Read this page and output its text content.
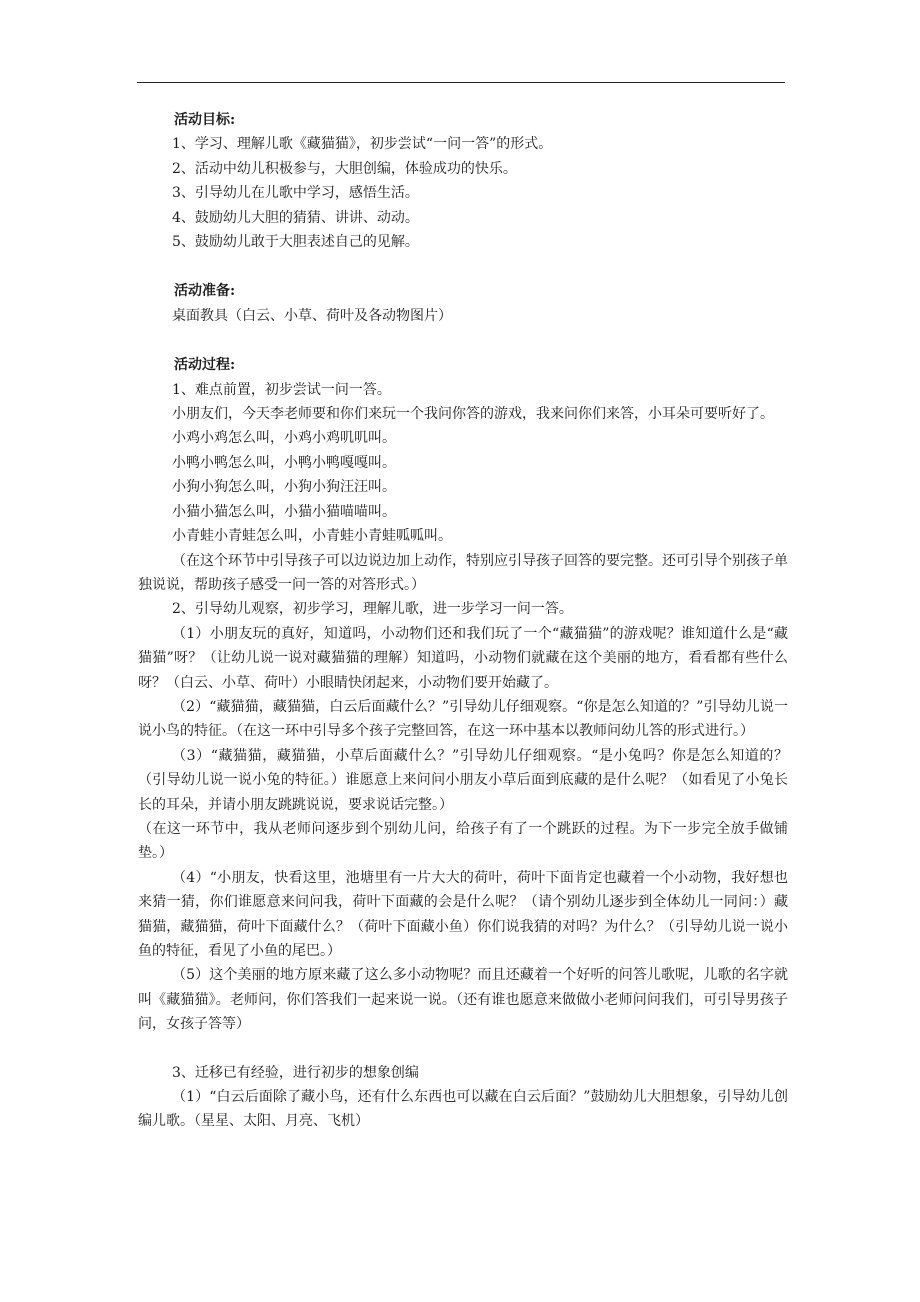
活动目标:

1、学习、理解儿歌《藏猫猫》，初步尝试“一问一答”的形式。

2、活动中幼儿积极参与，大胆创编，体验成功的快乐。

3、引导幼儿在儿歌中学习，感悟生活。

4、鼓励幼儿大胆的猜猜、讲讲、动动。

5、鼓励幼儿敢于大胆表述自己的见解。

活动准备:

桌面教具（白云、小草、荷叶及各动物图片）

活动过程:

1、难点前置，初步尝试一问一答。

小朋友们，今天李老师要和你们来玩一个我问你答的游戏，我来问你们来答，小耳朵可要听好了。

小鸡小鸡怎么叫，小鸡小鸡叽叽叫。

小鸭小鸭怎么叫，小鸭小鸭嘎嘎叫。

小狗小狗怎么叫，小狗小狗汪汪叫。

小猫小猫怎么叫，小猫小猫喵喵叫。

小青蛙小青蛙怎么叫，小青蛙小青蛙呱呱叫。

（在这个环节中引导孩子可以边说边加上动作，特别应引导孩子回答的要完整。还可引导个别孩子单独说说，帮助孩子感受一问一答的对答形式。）

2、引导幼儿观察，初步学习，理解儿歌，进一步学习一问一答。

（1）小朋友玩的真好，知道吗，小动物们还和我们玩了一个“藏猫猫”的游戏呢？谁知道什么是“藏猫猫”呀？（让幼儿说一说对藏猫猫的理解）知道吗，小动物们就藏在这个美丽的地方，看看都有些什么呀？（白云、小草、荷叶）小眼睛快闭起来，小动物们要开始藏了。

（2）“藏猫猫，藏猫猫，白云后面藏什么？”引导幼儿仔细观察。“你是怎么知道的？”引导幼儿说一说小鸟的特征。（在这一环中引导多个孩子完整回答，在这一环中基本以教师问幼儿答的形式进行。）

（3）“藏猫猫，藏猫猫，小草后面藏什么？”引导幼儿仔细观察。“是小兔吗？你是怎么知道的？（引导幼儿说一说小兔的特征。）谁愿意上来问问小朋友小草后面到底藏的是什么呢？（如看见了小兔长长的耳朵，并请小朋友跳跳说说，要求说话完整。）

（在这一环节中，我从老师问逐步到个别幼儿问，给孩子有了一个跳跃的过程。为下一步完全放手做铺垫。）

（4）“小朋友，快看这里，池塘里有一片大大的荷叶，荷叶下面肯定也藏着一个小动物，我好想也来猜一猜，你们谁愿意来问问我，荷叶下面藏的会是什么呢？（请个别幼儿逐步到全体幼儿一同问：）藏猫猫，藏猫猫，荷叶下面藏什么？（荷叶下面藏小鱼）你们说我猜的对吗？为什么？（引导幼儿说一说小鱼的特征，看见了小鱼的尾巴。）

（5）这个美丽的地方原来藏了这么多小动物呢？而且还藏着一个好听的问答儿歌呢，儿歌的名字就叫《藏猫猫》。老师问，你们答我们一起来说一说。（还有谁也愿意来做做小老师问问我们，可引导男孩子问，女孩子答等）

3、迁移已有经验，进行初步的想象创编

（1）“白云后面除了藏小鸟，还有什么东西也可以藏在白云后面？”鼓励幼儿大胆想象，引导幼儿创编儿歌。（星星、太阳、月亮、飞机）
